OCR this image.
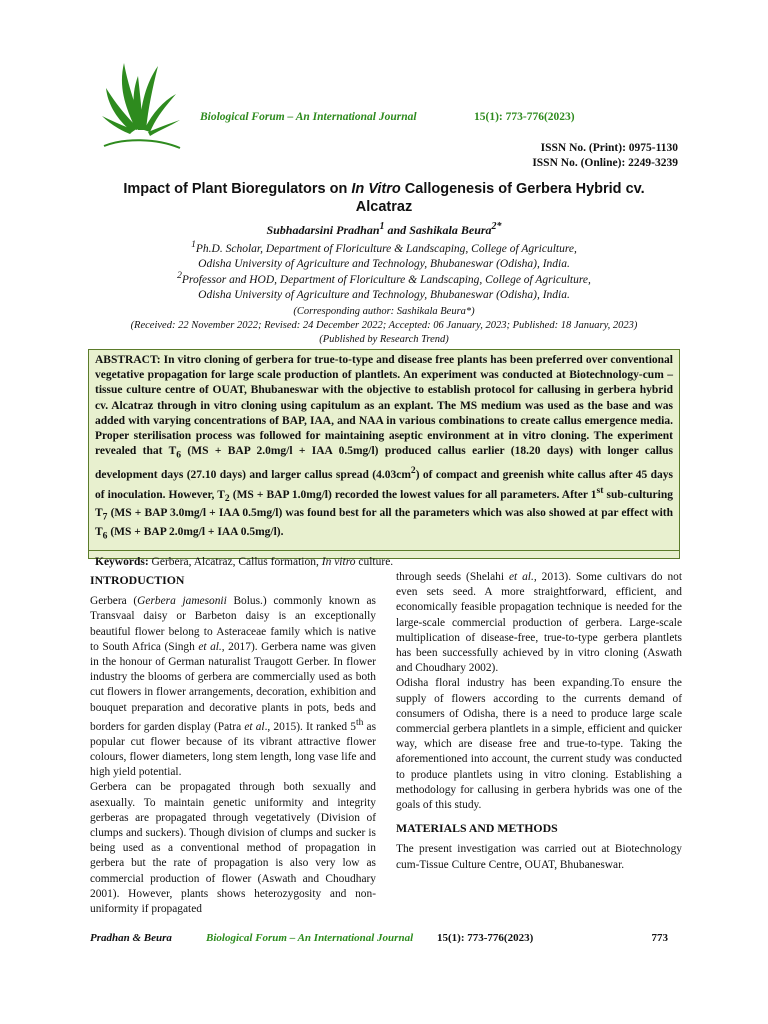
Biological Forum – An International Journal	15(1): 773-776(2023)
ISSN No. (Print): 0975-1130
ISSN No. (Online): 2249-3239
Impact of Plant Bioregulators on In Vitro Callogenesis of Gerbera Hybrid cv. Alcatraz
Subhadarsini Pradhan$^1$ and Sashikala Beura$^{2*}$
$^1$Ph.D. Scholar, Department of Floriculture & Landscaping, College of Agriculture,
Odisha University of Agriculture and Technology, Bhubaneswar (Odisha), India.
$^2$Professor and HOD, Department of Floriculture & Landscaping, College of Agriculture,
Odisha University of Agriculture and Technology, Bhubaneswar (Odisha), India.
(Corresponding author: Sashikala Beura*)
(Received: 22 November 2022; Revised: 24 December 2022; Accepted: 06 January, 2023; Published: 18 January, 2023)
(Published by Research Trend)
ABSTRACT: In vitro cloning of gerbera for true-to-type and disease free plants has been preferred over conventional vegetative propagation for large scale production of plantlets. An experiment was conducted at Biotechnology-cum –tissue culture centre of OUAT, Bhubaneswar with the objective to establish protocol for callusing in gerbera hybrid cv. Alcatraz through in vitro cloning using capitulum as an explant. The MS medium was used as the base and was added with varying concentrations of BAP, IAA, and NAA in various combinations to create callus emergence media. Proper sterilisation process was followed for maintaining aseptic environment at in vitro cloning. The experiment revealed that $T_6$ (MS + BAP 2.0mg/l + IAA 0.5mg/l) produced callus earlier (18.20 days) with longer callus development days (27.10 days) and larger callus spread $(4.03cm^2)$ of compact and greenish white callus after 45 days of inoculation. However, $T_2$ (MS + BAP 1.0mg/l) recorded the lowest values for all parameters. After 1st sub-culturing $T_7$ (MS + BAP 3.0mg/l + IAA 0.5mg/l) was found best for all the parameters which was also showed at par effect with $T_6$ (MS + BAP 2.0mg/l + IAA 0.5mg/l).
Keywords: Gerbera, Alcatraz, Callus formation, In vitro culture.
INTRODUCTION

Gerbera (Gerbera jamesonii Bolus.) commonly known as Transvaal daisy or Barbeton daisy is an exceptionally beautiful flower belong to Asteraceae family which is native to South Africa (Singh et al., 2017). Gerbera name was given in the honour of German naturalist Traugott Gerber. In flower industry the blooms of gerbera are commercially used as both cut flowers in flower arrangements, decoration, exhibition and bouquet preparation and decorative plants in pots, beds and borders for garden display (Patra et al., 2015). It ranked 5th as popular cut flower because of its vibrant attractive flower colours, flower diameters, long stem length, long vase life and high yield potential.

Gerbera can be propagated through both sexually and asexually. To maintain genetic uniformity and integrity gerberas are propagated through vegetatively (Division of clumps and suckers). Though division of clumps and sucker is being used as a conventional method of propagation in gerbera but the rate of propagation is also very low as commercial production of flower (Aswath and Choudhary 2001). However, plants shows heterozygosity and non-uniformity if propagated

through seeds (Shelahi et al., 2013). Some cultivars do not even sets seed. A more straightforward, efficient, and economically feasible propagation technique is needed for the large-scale commercial production of gerbera. Large-scale multiplication of disease-free, true-to-type gerbera plantlets has been successfully achieved by in vitro cloning (Aswath and Choudhary 2002).

Odisha floral industry has been expanding.To ensure the supply of flowers according to the currents demand of consumers of Odisha, there is a need to produce large scale commercial gerbera plantlets in a simple, efficient and quicker way, which are disease free and true-to-type. Taking the aforementioned into account, the current study was conducted to produce plantlets using in vitro cloning. Establishing a methodology for callusing in gerbera hybrids was one of the goals of this study.

MATERIALS AND METHODS

The present investigation was carried out at Biotechnology cum-Tissue Culture Centre, OUAT, Bhubaneswar.

Pradhan & Beura	Biological Forum – An International Journal 15(1): 773-776(2023)	773
